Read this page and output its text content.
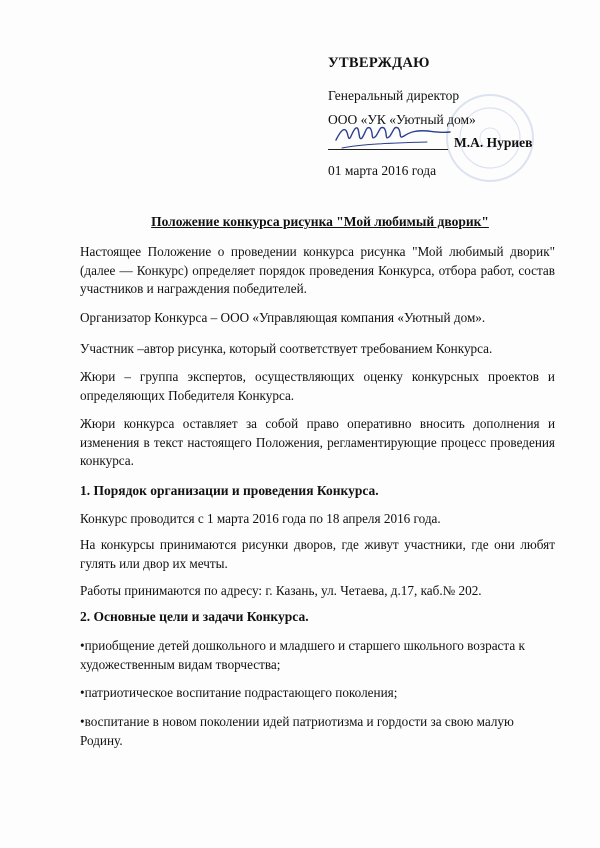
УТВЕРЖДАЮ
Генеральный директор
ООО «УК «Уютный дом»
М.А. Нуриев
01 марта 2016 года
Положение конкурса рисунка "Мой любимый дворик"
Настоящее Положение о проведении конкурса рисунка "Мой любимый дворик" (далее — Конкурс) определяет порядок проведения Конкурса, отбора работ, состав участников и награждения победителей.
Организатор Конкурса – ООО «Управляющая компания «Уютный дом».
Участник –автор рисунка, который соответствует требованием Конкурса.
Жюри – группа экспертов, осуществляющих оценку конкурсных проектов и определяющих Победителя Конкурса.
Жюри конкурса оставляет за собой право оперативно вносить дополнения и изменения в текст настоящего Положения, регламентирующие процесс проведения конкурса.
1. Порядок организации и проведения Конкурса.
Конкурс проводится с 1 марта 2016 года по 18 апреля 2016 года.
На конкурсы принимаются рисунки дворов, где живут участники, где они любят гулять или двор их мечты.
Работы принимаются по адресу: г. Казань, ул. Четаева, д.17, каб.№ 202.
2. Основные цели и задачи Конкурса.
•приобщение детей дошкольного и младшего и старшего школьного возраста к художественным видам творчества;
•патриотическое воспитание подрастающего поколения;
•воспитание в новом поколении идей патриотизма и гордости за свою малую Родину.
